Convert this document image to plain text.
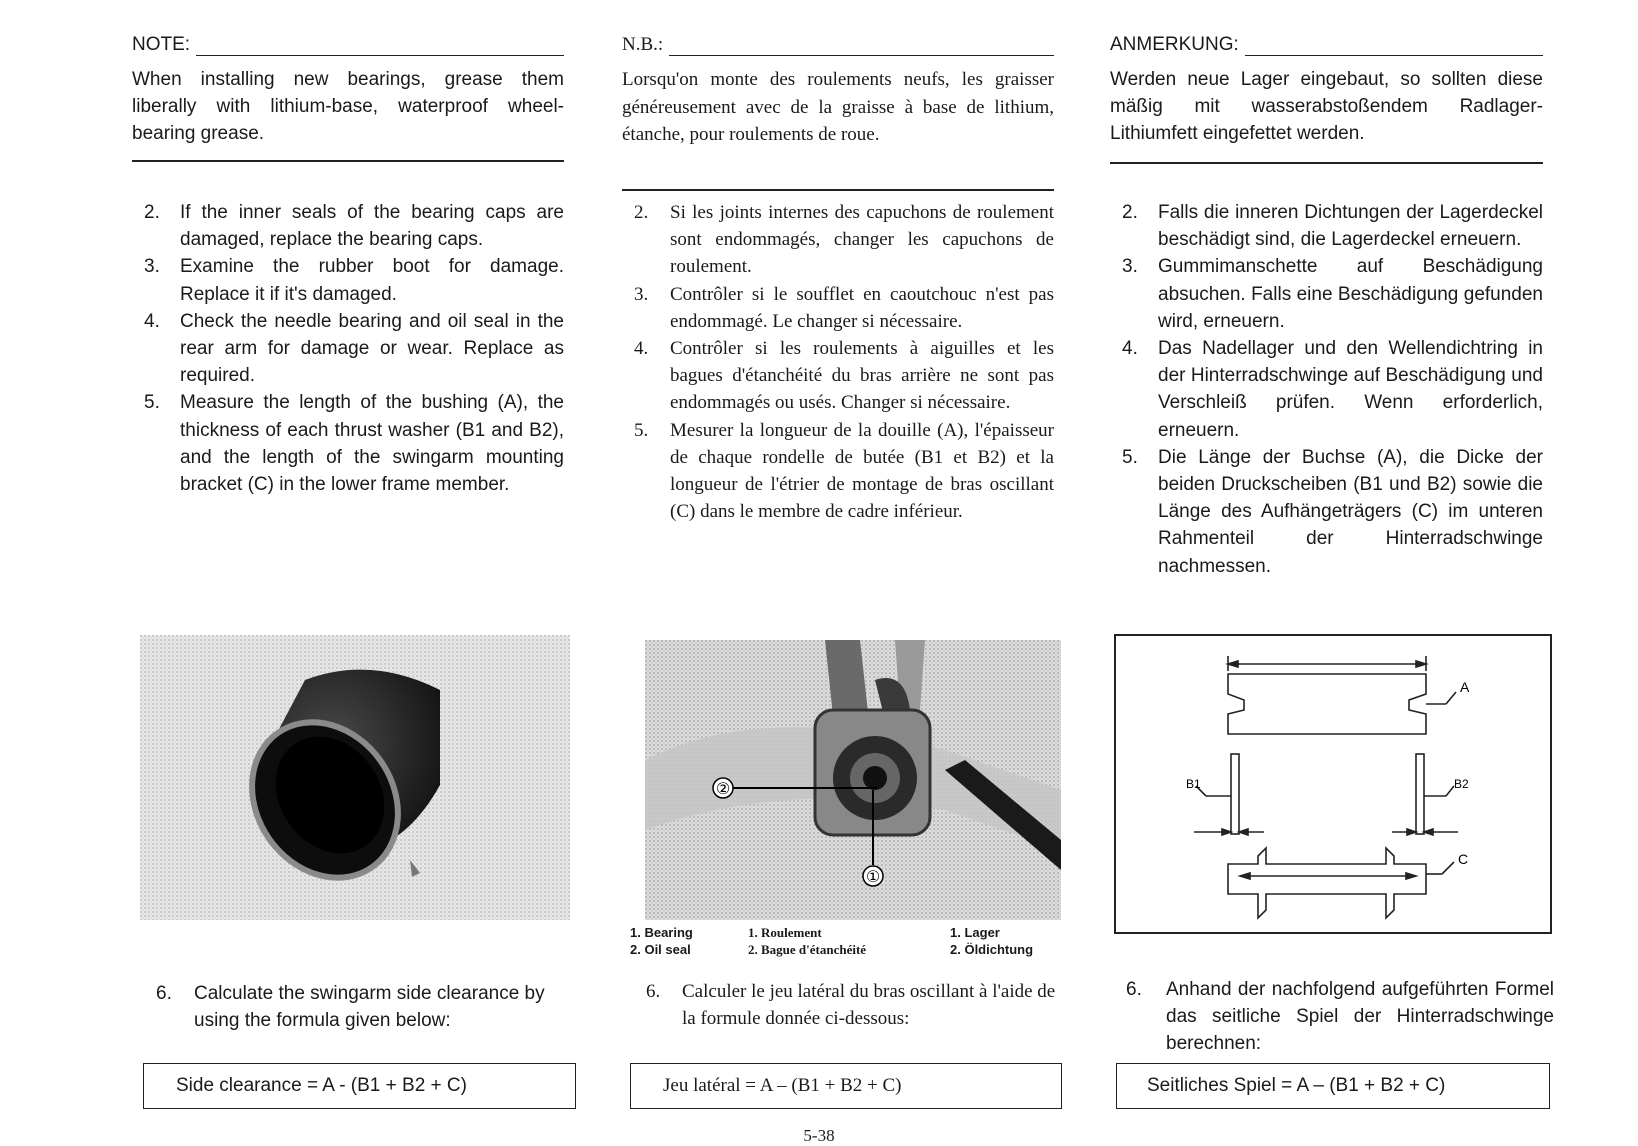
NOTE:
When installing new bearings, grease them liberally with lithium-base, waterproof wheel-bearing grease.
2. If the inner seals of the bearing caps are damaged, replace the bearing caps.
3. Examine the rubber boot for damage. Replace it if it's damaged.
4. Check the needle bearing and oil seal in the rear arm for damage or wear. Replace as required.
5. Measure the length of the bushing (A), the thickness of each thrust washer (B1 and B2), and the length of the swingarm mounting bracket (C) in the lower frame member.
6. Calculate the swingarm side clearance by using the formula given below:
Side clearance = A - (B1 + B2 + C)
N.B.:
Lorsqu'on monte des roulements neufs, les graisser généreusement avec de la graisse à base de lithium, étanche, pour roulements de roue.
2. Si les joints internes des capuchons de roulement sont endommagés, changer les capuchons de roulement.
3. Contrôler si le soufflet en caoutchouc n'est pas endommagé. Le changer si nécessaire.
4. Contrôler si les roulements à aiguilles et les bagues d'étanchéité du bras arrière ne sont pas endommagés ou usés. Changer si nécessaire.
5. Mesurer la longueur de la douille (A), l'épaisseur de chaque rondelle de butée (B1 et B2) et la longueur de l'étrier de montage de bras oscillant (C) dans le membre de cadre inférieur.
②
①
1. Bearing
2. Oil seal
1. Roulement
2. Bague d'étanchéité
1. Lager
2. Öldichtung
6. Calculer le jeu latéral du bras oscillant à l'aide de la formule donnée ci-dessous:
Jeu latéral = A – (B1 + B2 + C)
ANMERKUNG:
Werden neue Lager eingebaut, so sollten diese mäßig mit wasserabstoßendem Radlager-Lithiumfett eingefettet werden.
2. Falls die inneren Dichtungen der Lagerdeckel beschädigt sind, die Lagerdeckel erneuern.
3. Gummimanschette auf Beschädigung absuchen. Falls eine Beschädigung gefunden wird, erneuern.
4. Das Nadellager und den Wellendichtring in der Hinterradschwinge auf Beschädigung und Verschleiß prüfen. Wenn erforderlich, erneuern.
5. Die Länge der Buchse (A), die Dicke der beiden Druckscheiben (B1 und B2) sowie die Länge des Aufhängeträgers (C) im unteren Rahmenteil der Hinterradschwinge nachmessen.
A
B1	B2
C
6. Anhand der nachfolgend aufgeführten Formel das seitliche Spiel der Hinterradschwinge berechnen:
Seitliches Spiel = A – (B1 + B2 + C)
5-38
